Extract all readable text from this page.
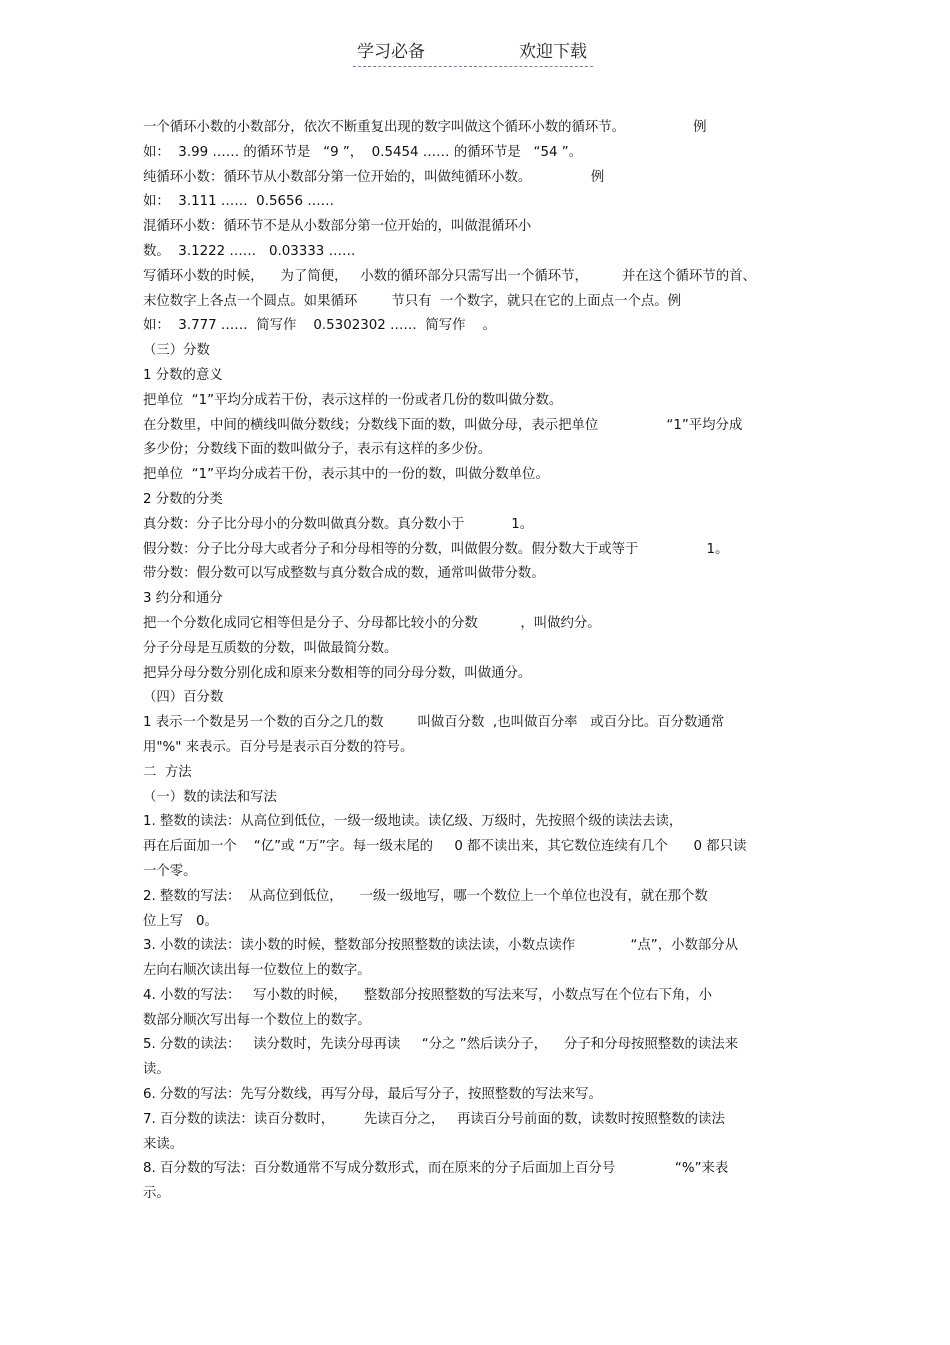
学习必备	欢迎下载
一个循环小数的小数部分，依次不断重复出现的数字叫做这个循环小数的循环节。                例
如：  3.99 …… 的循环节是   “9 ”，  0.5454 …… 的循环节是   “54 ”。
纯循环小数：循环节从小数部分第一位开始的，叫做纯循环小数。              例
如：  3.111 ……  0.5656 ……
混循环小数：循环节不是从小数部分第一位开始的，叫做混循环小
数。  3.1222 ……   0.03333 ……
写循环小数的时候，    为了简便，   小数的循环部分只需写出一个循环节，        并在这个循环节的首、
末位数字上各点一个圆点。如果循环        节只有  一个数字，就只在它的上面点一个点。例
如：  3.777 ……  简写作    0.5302302 ……  简写作    。
（三）分数
1 分数的意义
把单位  “1”平均分成若干份，表示这样的一份或者几份的数叫做分数。
在分数里，中间的横线叫做分数线；分数线下面的数，叫做分母，表示把单位                “1”平均分成
多少份；分数线下面的数叫做分子，表示有这样的多少份。
把单位  “1”平均分成若干份，表示其中的一份的数，叫做分数单位。
2 分数的分类
真分数：分子比分母小的分数叫做真分数。真分数小于           1。
假分数：分子比分母大或者分子和分母相等的分数，叫做假分数。假分数大于或等于                1。
带分数：假分数可以写成整数与真分数合成的数，通常叫做带分数。
3 约分和通分
把一个分数化成同它相等但是分子、分母都比较小的分数          ，叫做约分。
分子分母是互质数的分数，叫做最简分数。
把异分母分数分别化成和原来分数相等的同分母分数，叫做通分。
（四）百分数
1 表示一个数是另一个数的百分之几的数        叫做百分数  ,也叫做百分率   或百分比。百分数通常
用"%" 来表示。百分号是表示百分数的符号。
二  方法
（一）数的读法和写法
1. 整数的读法：从高位到低位，一级一级地读。读亿级、万级时，先按照个级的读法去读，
再在后面加一个    “亿”或 “万”字。每一级末尾的     0 都不读出来，其它数位连续有几个      0 都只读
一个零。
2. 整数的写法：  从高位到低位，    一级一级地写，哪一个数位上一个单位也没有，就在那个数
位上写   0。
3. 小数的读法：读小数的时候，整数部分按照整数的读法读，小数点读作             “点”，小数部分从
左向右顺次读出每一位数位上的数字。
4. 小数的写法：   写小数的时候，    整数部分按照整数的写法来写，小数点写在个位右下角，小
数部分顺次写出每一个数位上的数字。
5. 分数的读法：   读分数时，先读分母再读     “分之 ”然后读分子，    分子和分母按照整数的读法来
读。
6. 分数的写法：先写分数线，再写分母，最后写分子，按照整数的写法来写。
7. 百分数的读法：读百分数时，       先读百分之，   再读百分号前面的数，读数时按照整数的读法
来读。
8. 百分数的写法：百分数通常不写成分数形式，而在原来的分子后面加上百分号              “%”来表
示。
